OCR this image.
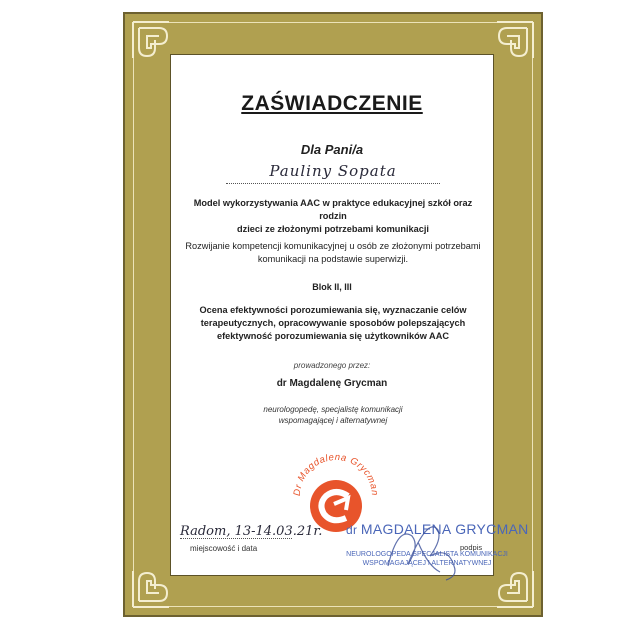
ZAŚWIADCZENIE
Dla Pani/a
Pauliny Sopata
Model wykorzystywania AAC w praktyce edukacyjnej szkół oraz rodzin
dzieci ze złożonymi potrzebami komunikacji
Rozwijanie kompetencji komunikacyjnej u osób ze złożonymi potrzebami
komunikacji na podstawie superwizji.
Blok II, III
Ocena efektywności porozumiewania się, wyznaczanie celów
terapeutycznych, opracowywanie sposobów polepszających
efektywność porozumiewania się użytkowników AAC
prowadzonego przez:
dr Magdalenę Grycman
neurologopedę, specjalistę komunikacji
wspomagającej i alternatywnej
Dr Magdalena Grycman
Radom, 13-14.03.21r.
miejscowość i data
dr MAGDALENA GRYCMAN
podpis
NEUROLOGOPEDA SPECJALISTA KOMUNIKACJI
WSPOMAGAJĄCEJ I ALTERNATYWNEJ
